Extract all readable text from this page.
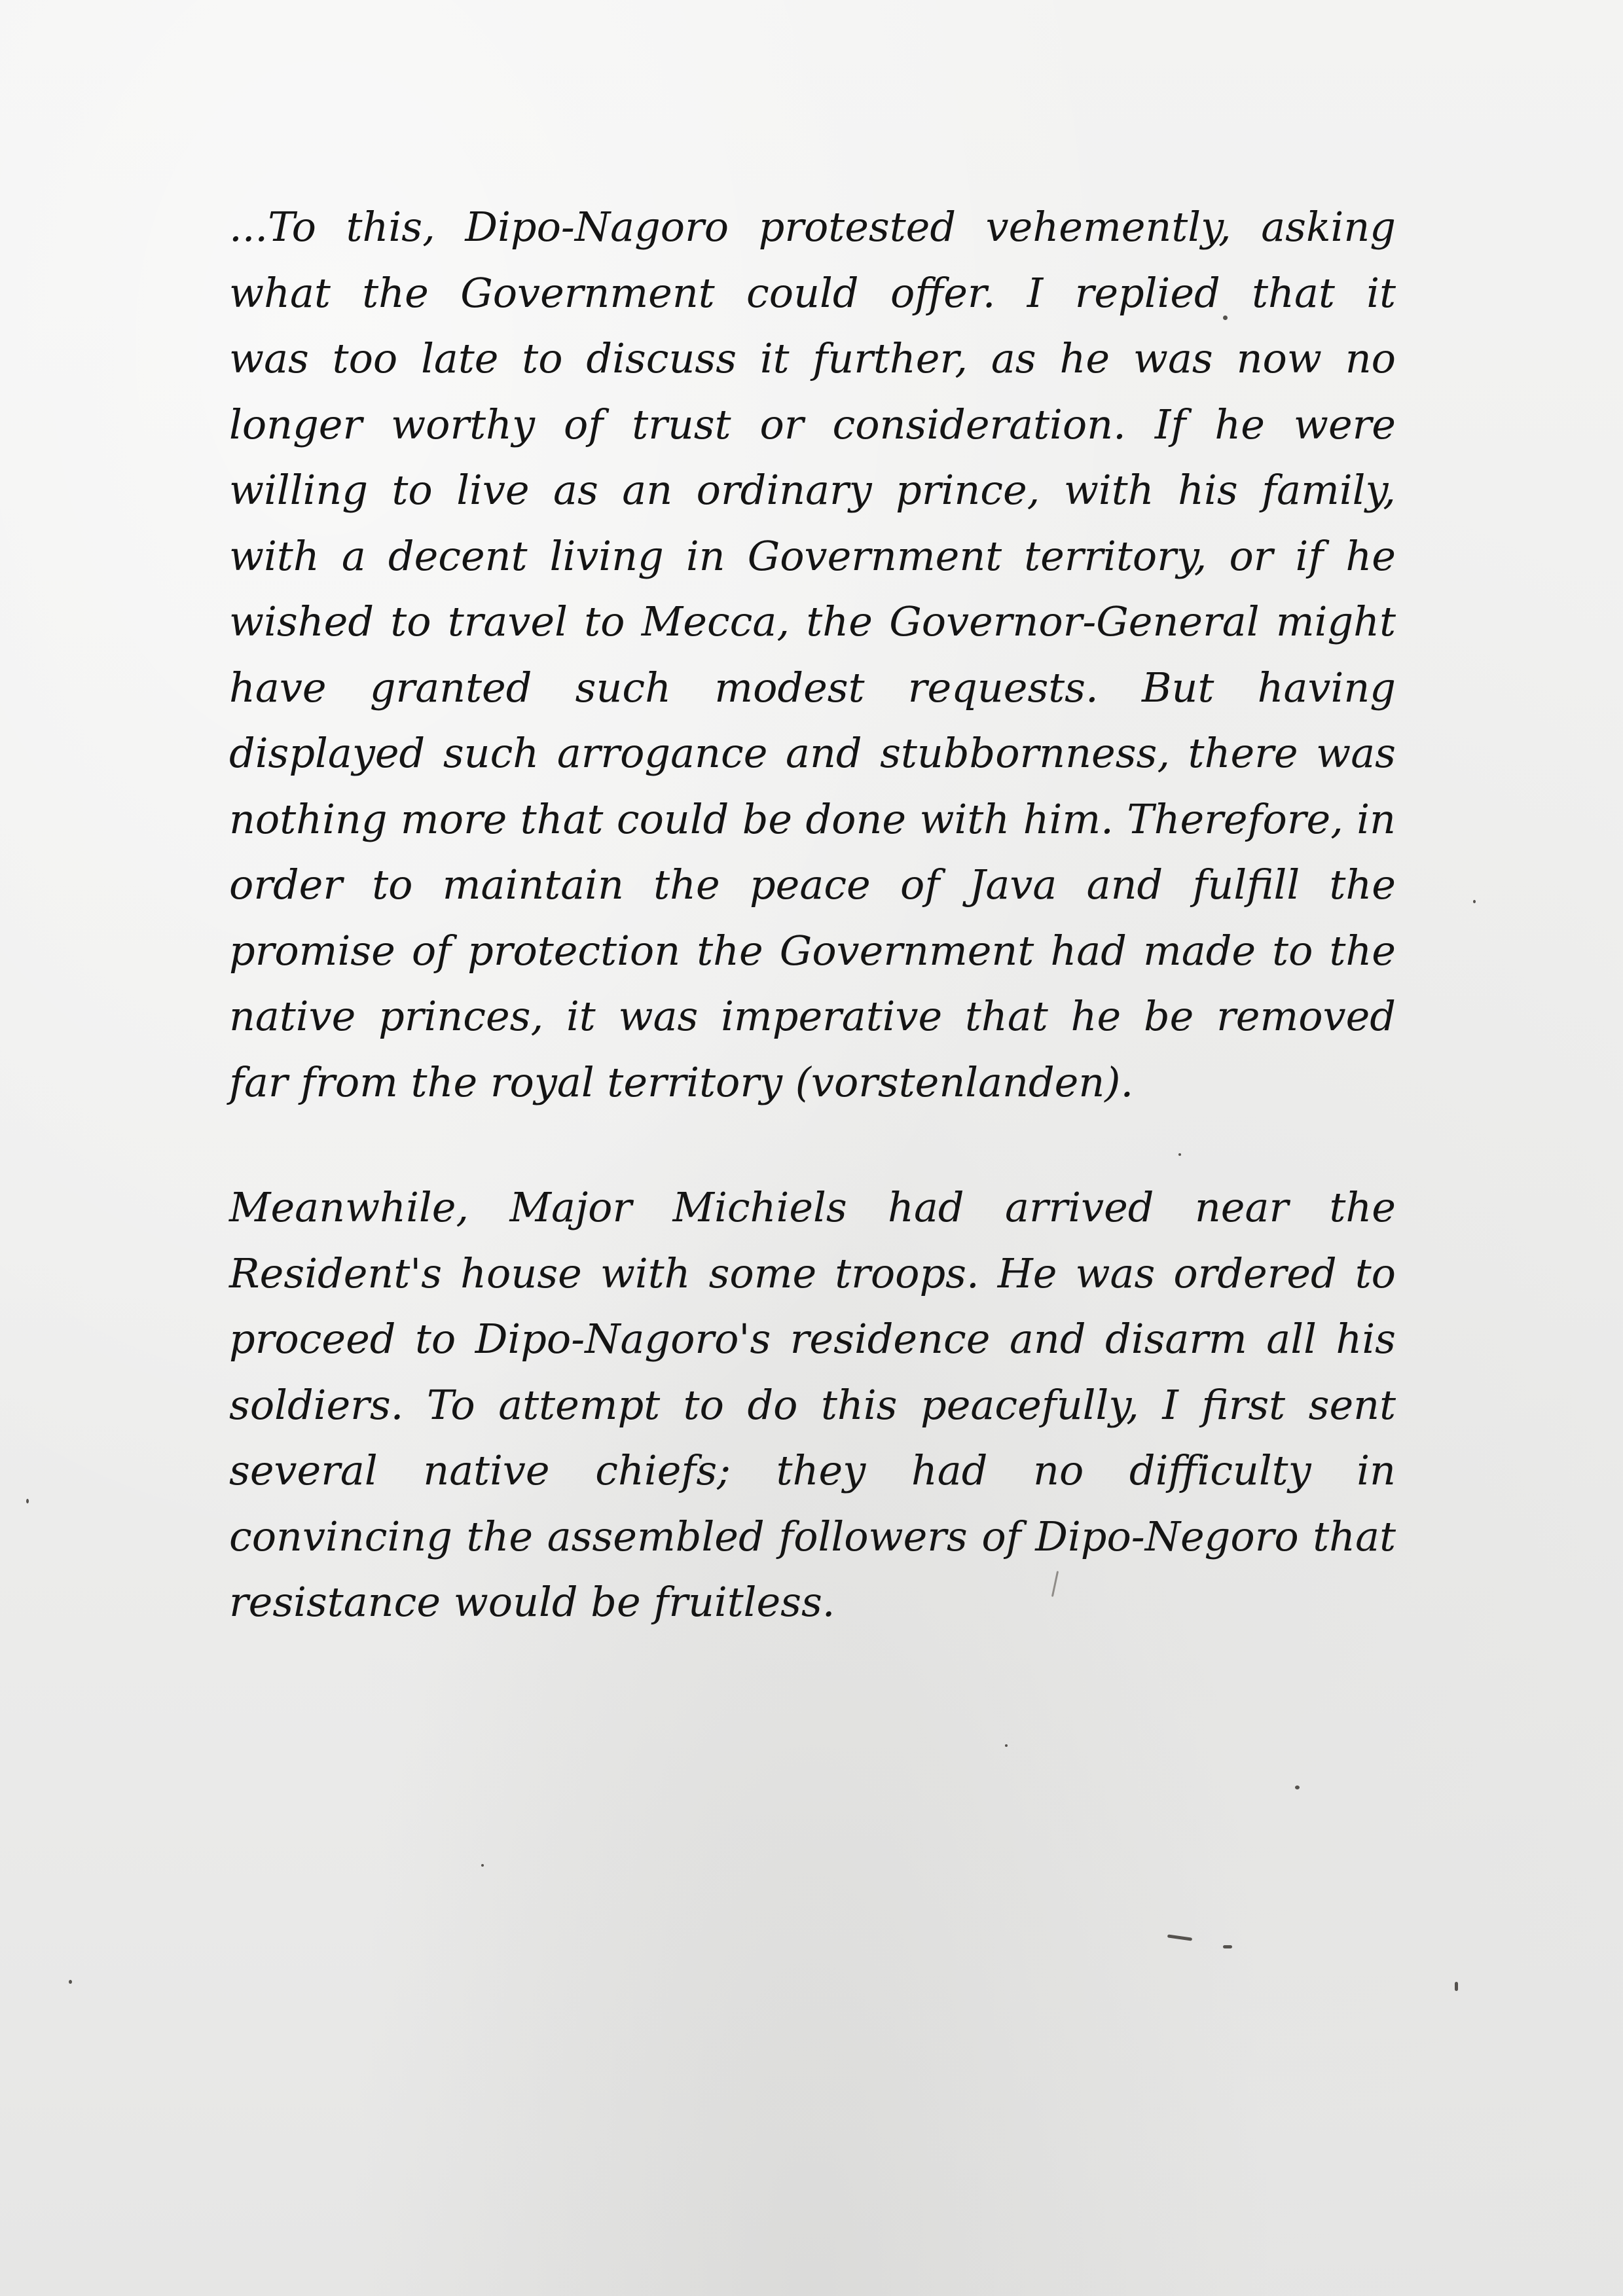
...To this, Dipo-Nagoro protested vehemently, asking
what the Government could offer. I replied that it
was too late to discuss it further, as he was now no
longer worthy of trust or consideration. If he were
willing to live as an ordinary prince, with his family,
with a decent living in Government territory, or if he
wished to travel to Mecca, the Governor-General might
have granted such modest requests. But having
displayed such arrogance and stubbornness, there was
nothing more that could be done with him. Therefore, in
order to maintain the peace of Java and fulfill the
promise of protection the Government had made to the
native princes, it was imperative that he be removed
far from the royal territory (vorstenlanden).
Meanwhile, Major Michiels had arrived near the
Resident's house with some troops. He was ordered to
proceed to Dipo-Nagoro's residence and disarm all his
soldiers. To attempt to do this peacefully, I first sent
several native chiefs; they had no difficulty in
convincing the assembled followers of Dipo-Negoro that
resistance would be fruitless.
